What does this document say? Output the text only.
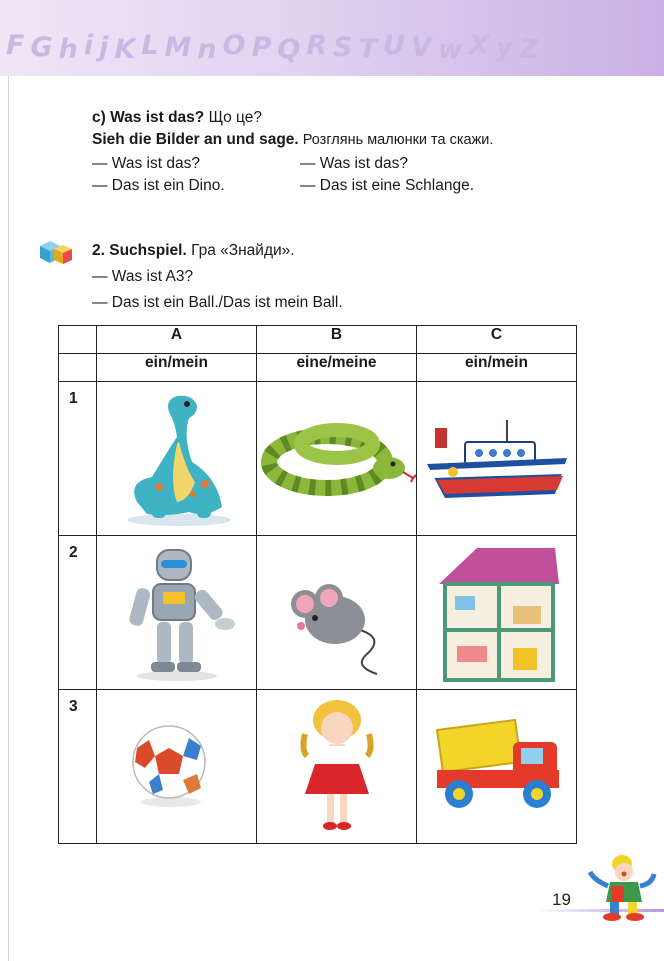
F G h i j K L M n O P Q R S T U V w X y Z
c) Was ist das? Що це?
Sieh die Bilder an und sage. Розглянь малюнки та скажи.
— Was ist das?
— Das ist ein Dino.
— Was ist das?
— Das ist eine Schlange.
2. Suchspiel. Гра «Знайди».
— Was ist A3?
— Das ist ein Ball./Das ist mein Ball.
	A	B	C
	ein/mein	eine/meine	ein/mein

1

2

3

19
